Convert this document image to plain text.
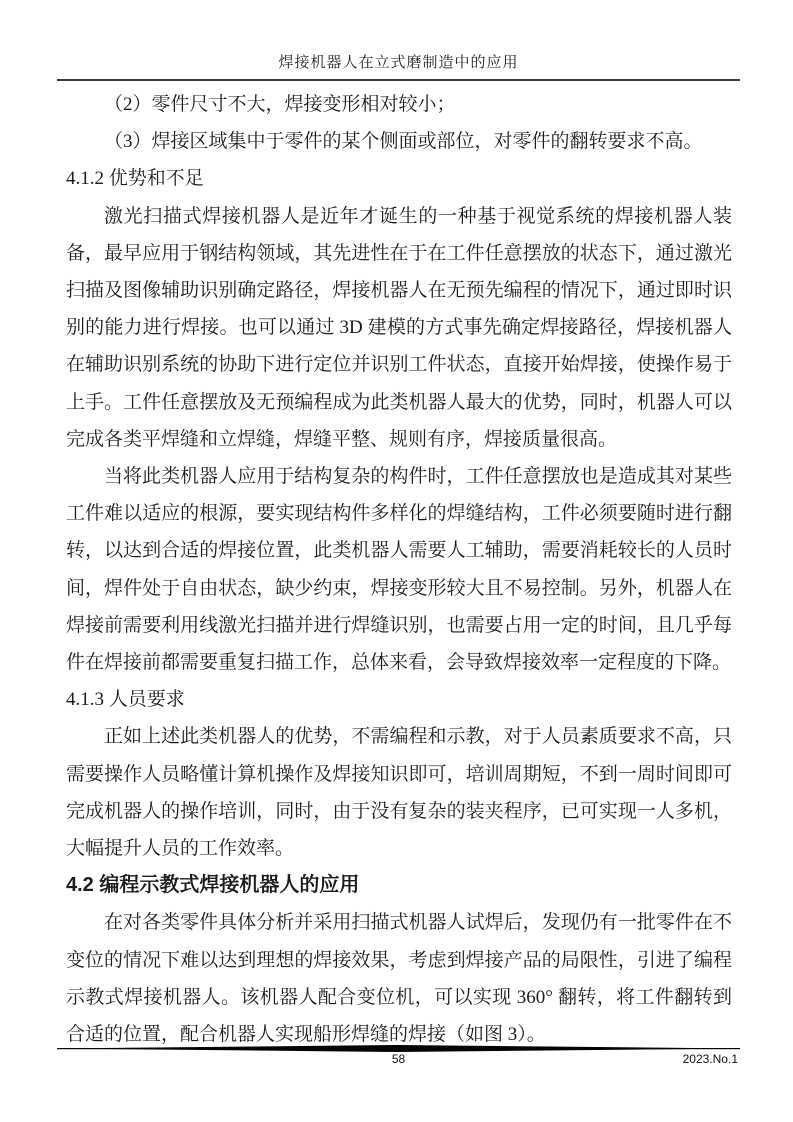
焊接机器人在立式磨制造中的应用

（2）零件尺寸不大，焊接变形相对较小；

（3）焊接区域集中于零件的某个侧面或部位，对零件的翻转要求不高。

4.1.2 优势和不足

激光扫描式焊接机器人是近年才诞生的一种基于视觉系统的焊接机器人装备，最早应用于钢结构领域，其先进性在于在工件任意摆放的状态下，通过激光扫描及图像辅助识别确定路径，焊接机器人在无预先编程的情况下，通过即时识别的能力进行焊接。也可以通过 3D 建模的方式事先确定焊接路径，焊接机器人在辅助识别系统的协助下进行定位并识别工件状态，直接开始焊接，使操作易于上手。工件任意摆放及无预编程成为此类机器人最大的优势，同时，机器人可以完成各类平焊缝和立焊缝，焊缝平整、规则有序，焊接质量很高。

当将此类机器人应用于结构复杂的构件时，工件任意摆放也是造成其对某些工件难以适应的根源，要实现结构件多样化的焊缝结构，工件必须要随时进行翻转，以达到合适的焊接位置，此类机器人需要人工辅助，需要消耗较长的人员时间，焊件处于自由状态，缺少约束，焊接变形较大且不易控制。另外，机器人在焊接前需要利用线激光扫描并进行焊缝识别，也需要占用一定的时间，且几乎每件在焊接前都需要重复扫描工作，总体来看，会导致焊接效率一定程度的下降。

4.1.3 人员要求

正如上述此类机器人的优势，不需编程和示教，对于人员素质要求不高，只需要操作人员略懂计算机操作及焊接知识即可，培训周期短，不到一周时间即可完成机器人的操作培训，同时，由于没有复杂的装夹程序，已可实现一人多机，大幅提升人员的工作效率。

4.2 编程示教式焊接机器人的应用

在对各类零件具体分析并采用扫描式机器人试焊后，发现仍有一批零件在不变位的情况下难以达到理想的焊接效果，考虑到焊接产品的局限性，引进了编程示教式焊接机器人。该机器人配合变位机，可以实现 360° 翻转，将工件翻转到合适的位置，配合机器人实现船形焊缝的焊接（如图 3）。

58	2023.No.1
